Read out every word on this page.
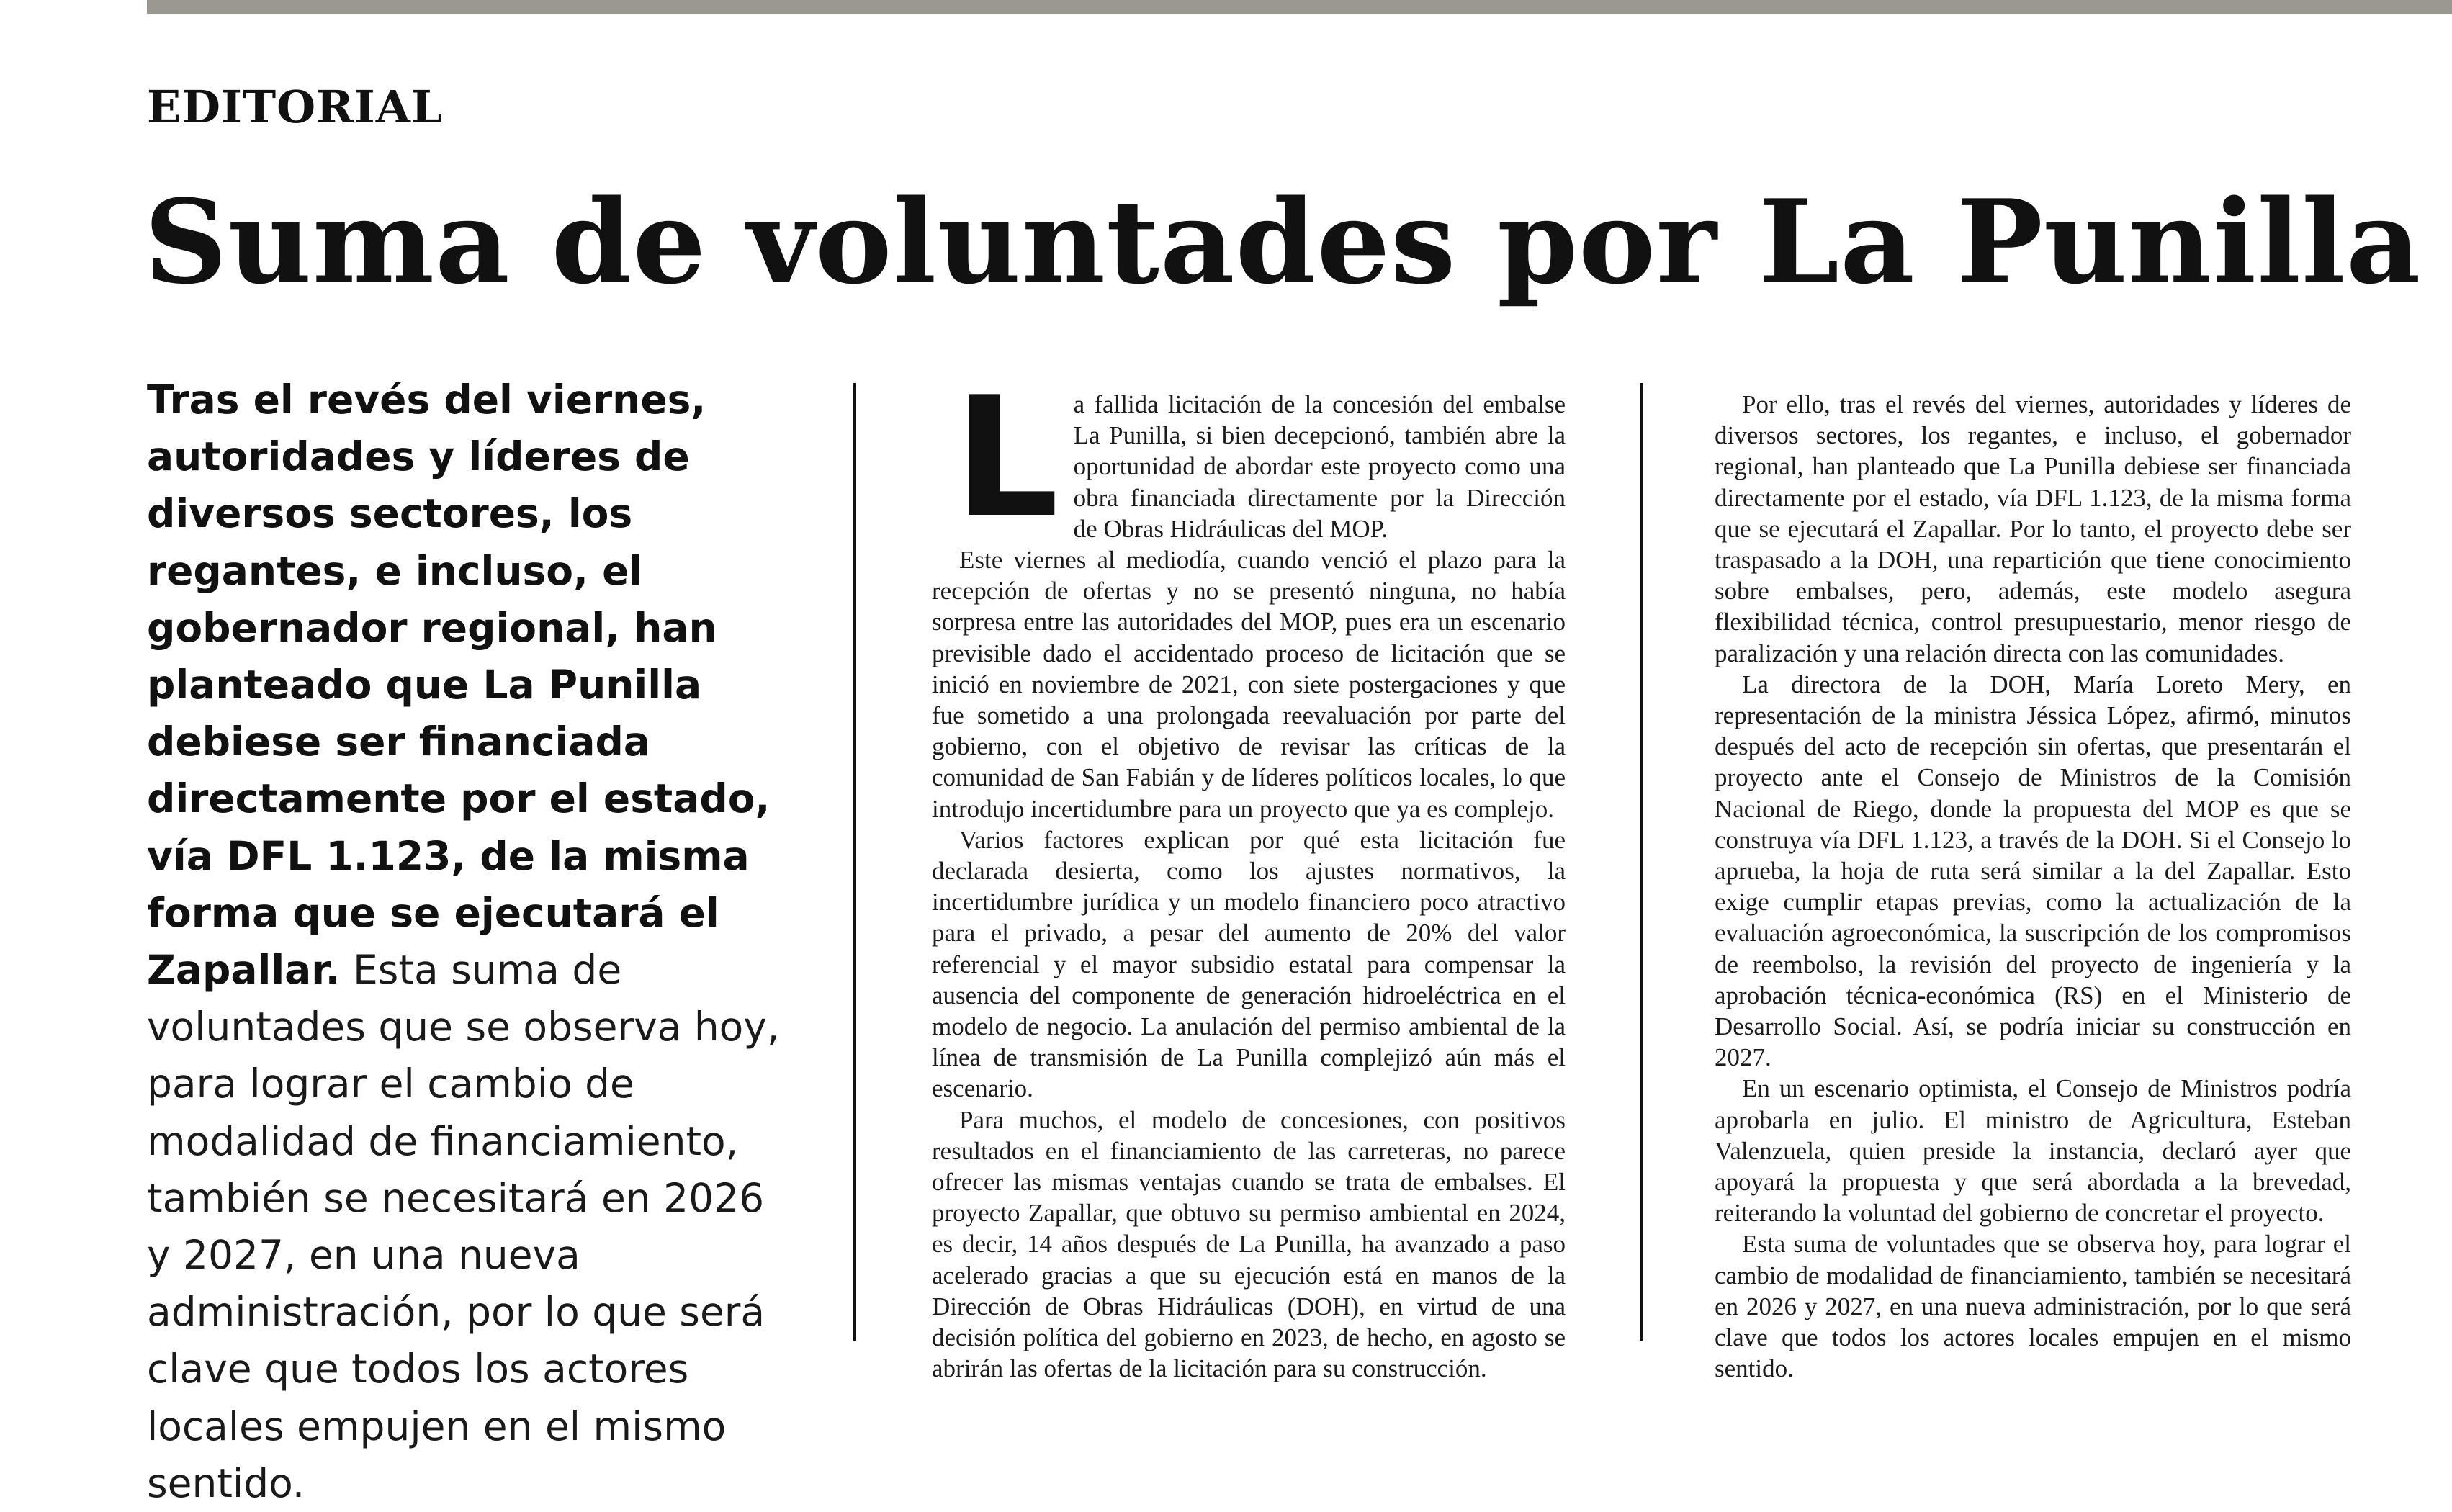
EDITORIAL
Suma de voluntades por La Punilla
Tras el revés del viernes, autoridades y líderes de diversos sectores, los regantes, e incluso, el gobernador regional, han planteado que La Punilla debiese ser financiada directamente por el estado, vía DFL 1.123, de la misma forma que se ejecutará el Zapallar. Esta suma de voluntades que se observa hoy, para lograr el cambio de modalidad de financiamiento, también se necesitará en 2026 y 2027, en una nueva administración, por lo que será clave que todos los actores locales empujen en el mismo sentido.

La fallida licitación de la concesión del embalse La Punilla, si bien decepcionó, también abre la oportunidad de abordar este proyecto como una obra financiada directamente por la Dirección de Obras Hidráulicas del MOP.

Este viernes al mediodía, cuando venció el plazo para la recepción de ofertas y no se presentó ninguna, no había sorpresa entre las autoridades del MOP, pues era un escenario previsible dado el accidentado proceso de licitación que se inició en noviembre de 2021, con siete postergaciones y que fue sometido a una prolongada reevaluación por parte del gobierno, con el objetivo de revisar las críticas de la comunidad de San Fabián y de líderes políticos locales, lo que introdujo incertidumbre para un proyecto que ya es complejo.

Varios factores explican por qué esta licitación fue declarada desierta, como los ajustes normativos, la incertidumbre jurídica y un modelo financiero poco atractivo para el privado, a pesar del aumento de 20% del valor referencial y el mayor subsidio estatal para compensar la ausencia del componente de generación hidroeléctrica en el modelo de negocio. La anulación del permiso ambiental de la línea de transmisión de La Punilla complejizó aún más el escenario.

Para muchos, el modelo de concesiones, con positivos resultados en el financiamiento de las carreteras, no parece ofrecer las mismas ventajas cuando se trata de embalses. El proyecto Zapallar, que obtuvo su permiso ambiental en 2024, es decir, 14 años después de La Punilla, ha avanzado a paso acelerado gracias a que su ejecución está en manos de la Dirección de Obras Hidráulicas (DOH), en virtud de una decisión política del gobierno en 2023, de hecho, en agosto se abrirán las ofertas de la licitación para su construcción.

Por ello, tras el revés del viernes, autoridades y líderes de diversos sectores, los regantes, e incluso, el gobernador regional, han planteado que La Punilla debiese ser financiada directamente por el estado, vía DFL 1.123, de la misma forma que se ejecutará el Zapallar. Por lo tanto, el proyecto debe ser traspasado a la DOH, una repartición que tiene conocimiento sobre embalses, pero, además, este modelo asegura flexibilidad técnica, control presupuestario, menor riesgo de paralización y una relación directa con las comunidades.

La directora de la DOH, María Loreto Mery, en representación de la ministra Jéssica López, afirmó, minutos después del acto de recepción sin ofertas, que presentarán el proyecto ante el Consejo de Ministros de la Comisión Nacional de Riego, donde la propuesta del MOP es que se construya vía DFL 1.123, a través de la DOH. Si el Consejo lo aprueba, la hoja de ruta será similar a la del Zapallar. Esto exige cumplir etapas previas, como la actualización de la evaluación agroeconómica, la suscripción de los compromisos de reembolso, la revisión del proyecto de ingeniería y la aprobación técnica-económica (RS) en el Ministerio de Desarrollo Social. Así, se podría iniciar su construcción en 2027.

En un escenario optimista, el Consejo de Ministros podría aprobarla en julio. El ministro de Agricultura, Esteban Valenzuela, quien preside la instancia, declaró ayer que apoyará la propuesta y que será abordada a la brevedad, reiterando la voluntad del gobierno de concretar el proyecto.

Esta suma de voluntades que se observa hoy, para lograr el cambio de modalidad de financiamiento, también se necesitará en 2026 y 2027, en una nueva administración, por lo que será clave que todos los actores locales empujen en el mismo sentido.
